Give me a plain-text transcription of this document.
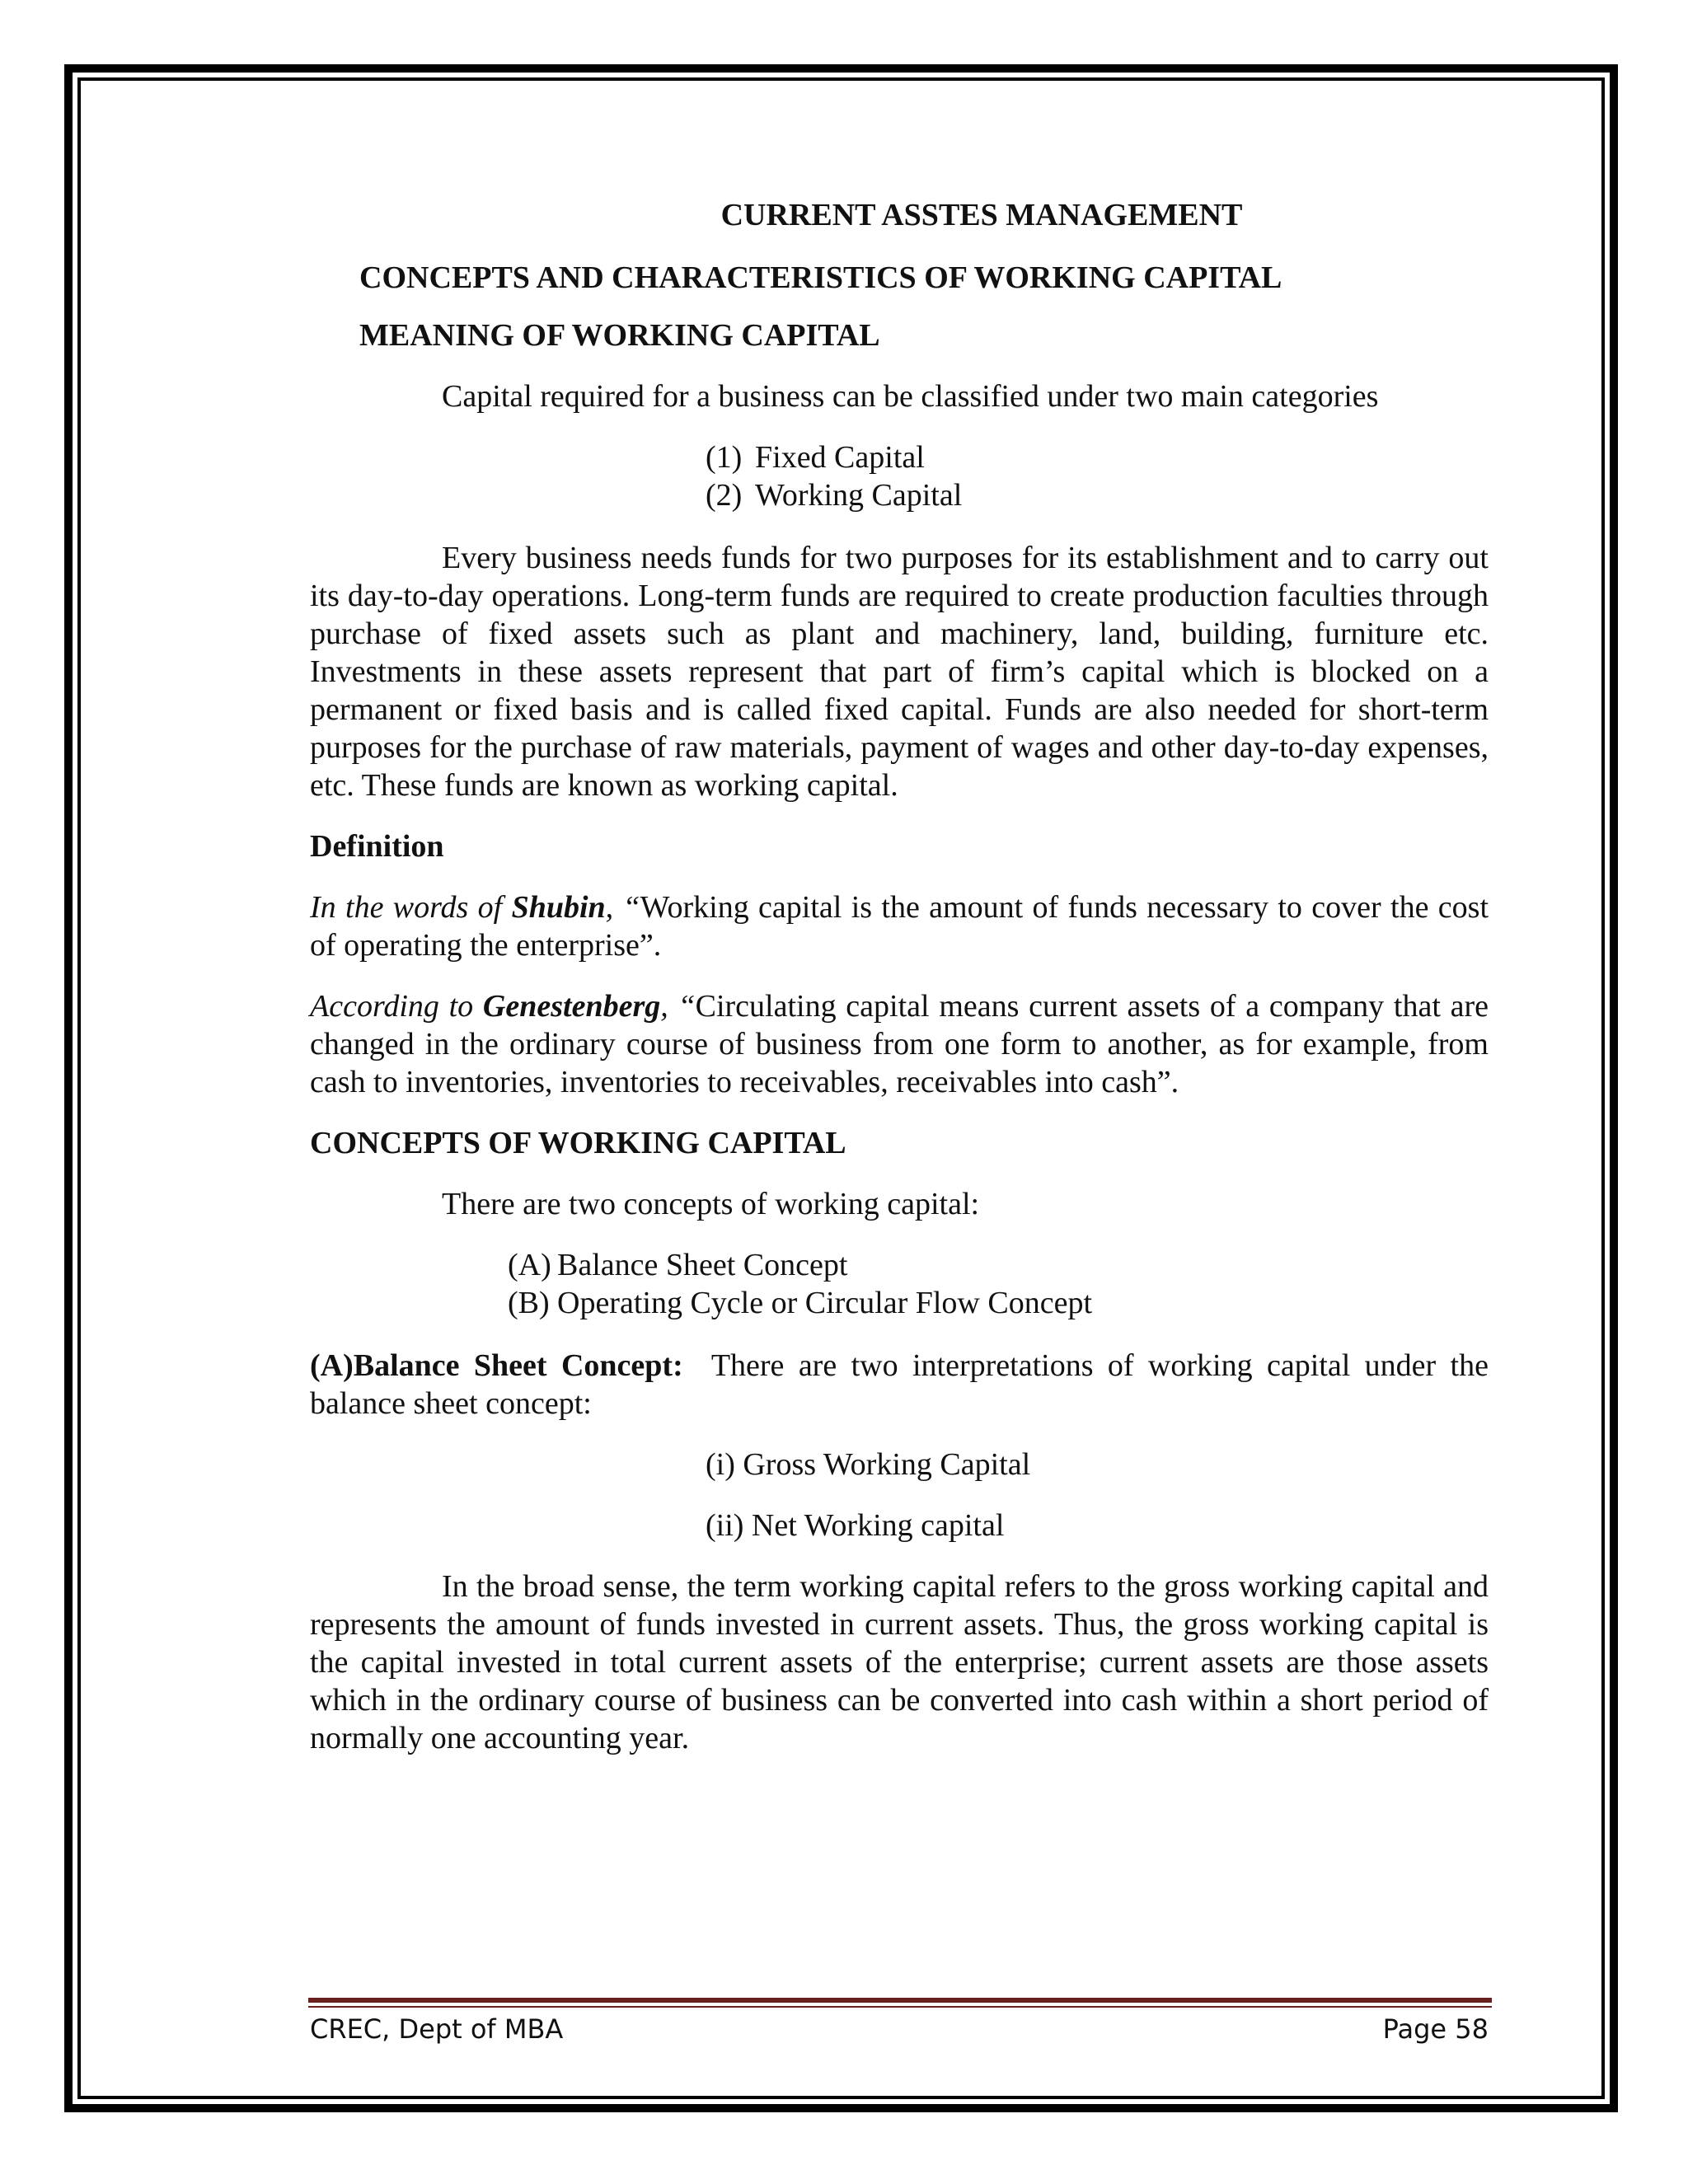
CURRENT ASSTES MANAGEMENT

CONCEPTS AND CHARACTERISTICS OF WORKING CAPITAL

MEANING OF WORKING CAPITAL

Capital required for a business can be classified under two main categories

(1) Fixed Capital
(2) Working Capital

Every business needs funds for two purposes for its establishment and to carry out its day-to-day operations. Long-term funds are required to create production faculties through purchase of fixed assets such as plant and machinery, land, building, furniture etc. Investments in these assets represent that part of firm’s capital which is blocked on a permanent or fixed basis and is called fixed capital. Funds are also needed for short-term purposes for the purchase of raw materials, payment of wages and other day-to-day expenses, etc. These funds are known as working capital.

Definition

In the words of Shubin, “Working capital is the amount of funds necessary to cover the cost of operating the enterprise”.

According to Genestenberg, “Circulating capital means current assets of a company that are changed in the ordinary course of business from one form to another, as for example, from cash to inventories, inventories to receivables, receivables into cash”.

CONCEPTS OF WORKING CAPITAL

There are two concepts of working capital:

(A) Balance Sheet Concept
(B) Operating Cycle or Circular Flow Concept

(A)Balance Sheet Concept:  There are two interpretations of working capital under the balance sheet concept:

(i) Gross Working Capital

(ii) Net Working capital

In the broad sense, the term working capital refers to the gross working capital and represents the amount of funds invested in current assets. Thus, the gross working capital is the capital invested in total current assets of the enterprise; current assets are those assets which in the ordinary course of business can be converted into cash within a short period of normally one accounting year.

CREC, Dept of MBA	Page 58
